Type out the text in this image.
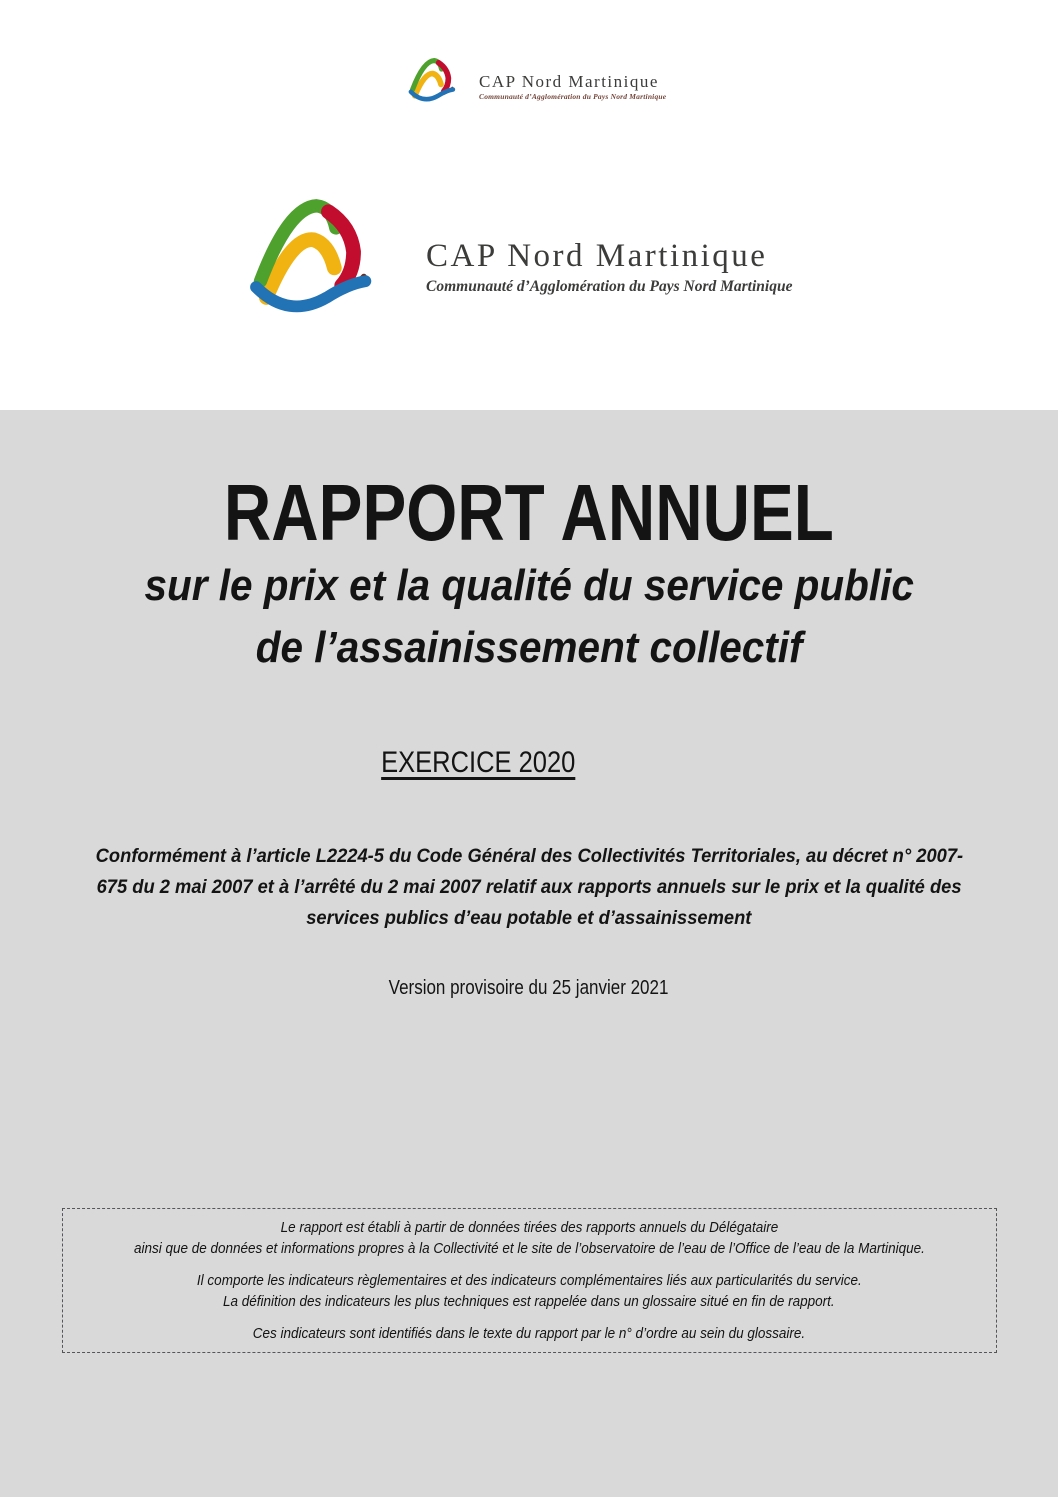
CAP Nord Martinique
Communauté d’Agglomération du Pays Nord Martinique
CAP Nord Martinique
Communauté d’Agglomération du Pays Nord Martinique
RAPPORT ANNUEL
sur le prix et la qualité du service public
de l’assainissement collectif
EXERCICE 2020
Conformément à l’article L2224-5 du Code Général des Collectivités Territoriales, au décret n° 2007-
675 du 2 mai 2007 et à l’arrêté du 2 mai 2007 relatif aux rapports annuels sur le prix et la qualité des
services publics d’eau potable et d’assainissement
Version provisoire du 25 janvier 2021
Le rapport est établi à partir de données tirées des rapports annuels du Délégataire
ainsi que de données et informations propres à la Collectivité et le site de l’observatoire de l’eau de l’Office de l’eau de la Martinique.
Il comporte les indicateurs règlementaires et des indicateurs complémentaires liés aux particularités du service.
La définition des indicateurs les plus techniques est rappelée dans un glossaire situé en fin de rapport.
Ces indicateurs sont identifiés dans le texte du rapport par le n° d’ordre au sein du glossaire.
